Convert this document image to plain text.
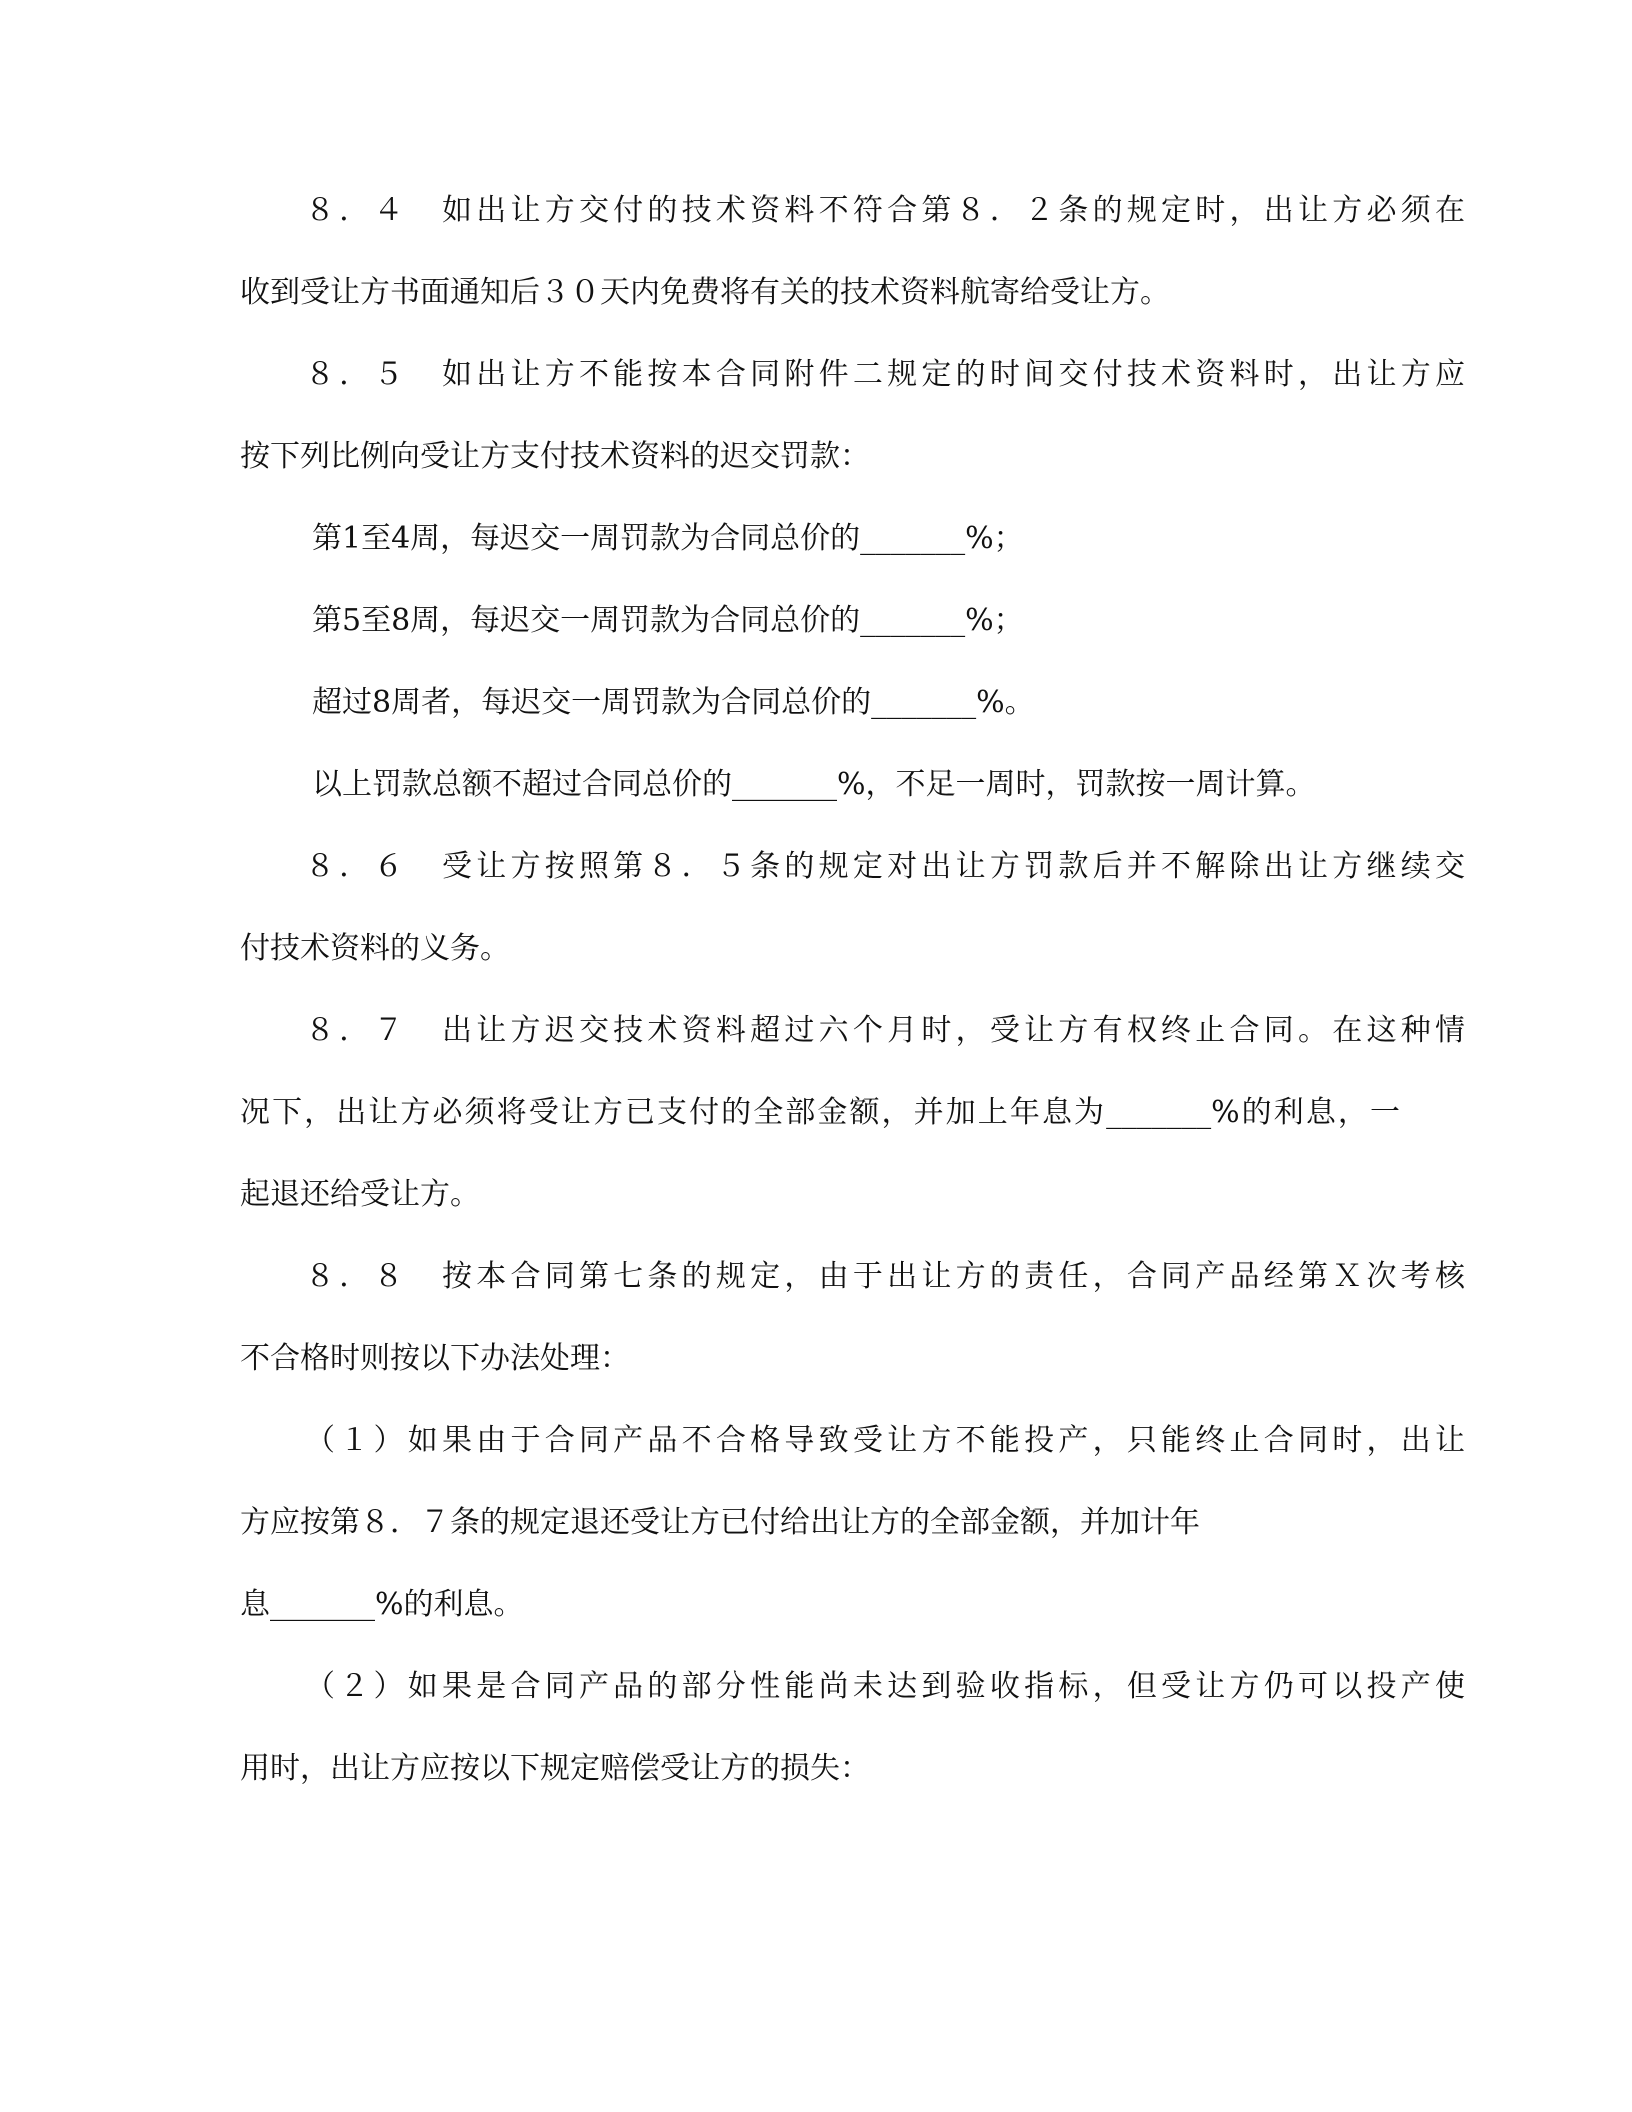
８．４　如出让方交付的技术资料不符合第８．２条的规定时，出让方必须在
收到受让方书面通知后３０天内免费将有关的技术资料航寄给受让方。
８．５　如出让方不能按本合同附件二规定的时间交付技术资料时，出让方应
按下列比例向受让方支付技术资料的迟交罚款：
第1至4周，每迟交一周罚款为合同总价的_______%；
第5至8周，每迟交一周罚款为合同总价的_______%；
超过8周者，每迟交一周罚款为合同总价的_______%。
以上罚款总额不超过合同总价的_______%，不足一周时，罚款按一周计算。
８．６　受让方按照第８．５条的规定对出让方罚款后并不解除出让方继续交
付技术资料的义务。
８．７　出让方迟交技术资料超过六个月时，受让方有权终止合同。在这种情
况下，出让方必须将受让方已支付的全部金额，并加上年息为_______%的利息，一
起退还给受让方。
８．８　按本合同第七条的规定，由于出让方的责任，合同产品经第Ｘ次考核
不合格时则按以下办法处理：
（１）如果由于合同产品不合格导致受让方不能投产，只能终止合同时，出让
方应按第８．７条的规定退还受让方已付给出让方的全部金额，并加计年
息_______%的利息。
（２）如果是合同产品的部分性能尚未达到验收指标，但受让方仍可以投产使
用时，出让方应按以下规定赔偿受让方的损失：
